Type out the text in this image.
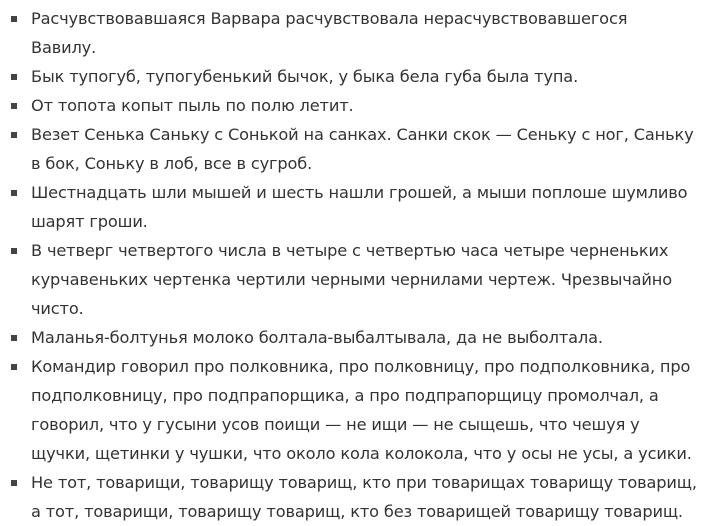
Расчувствовавшаяся Варвара расчувствовала нерасчувствовавшегося Вавилу.
Бык тупогуб, тупогубенький бычок, у быка бела губа была тупа.
От топота копыт пыль по полю летит.
Везет Сенька Саньку с Сонькой на санках. Санки скок — Сеньку с ног, Саньку в бок, Соньку в лоб, все в сугроб.
Шестнадцать шли мышей и шесть нашли грошей, а мыши поплоше шумливо шарят гроши.
В четверг четвертого числа в четыре с четвертью часа четыре черненьких курчавеньких чертенка чертили черными чернилами чертеж. Чрезвычайно чисто.
Маланья-болтунья молоко болтала-выбалтывала, да не выболтала.
Командир говорил про полковника, про полковницу, про подполковника, про подполковницу, про подпрапорщика, а про подпрапорщицу промолчал, а говорил, что у гусыни усов поищи — не ищи — не сыщешь, что чешуя у щучки, щетинки у чушки, что около кола колокола, что у осы не усы, а усики.
Не тот, товарищи, товарищу товарищ, кто при товарищах товарищу товарищ, а тот, товарищи, товарищу товарищ, кто без товарищей товарищу товарищ.
